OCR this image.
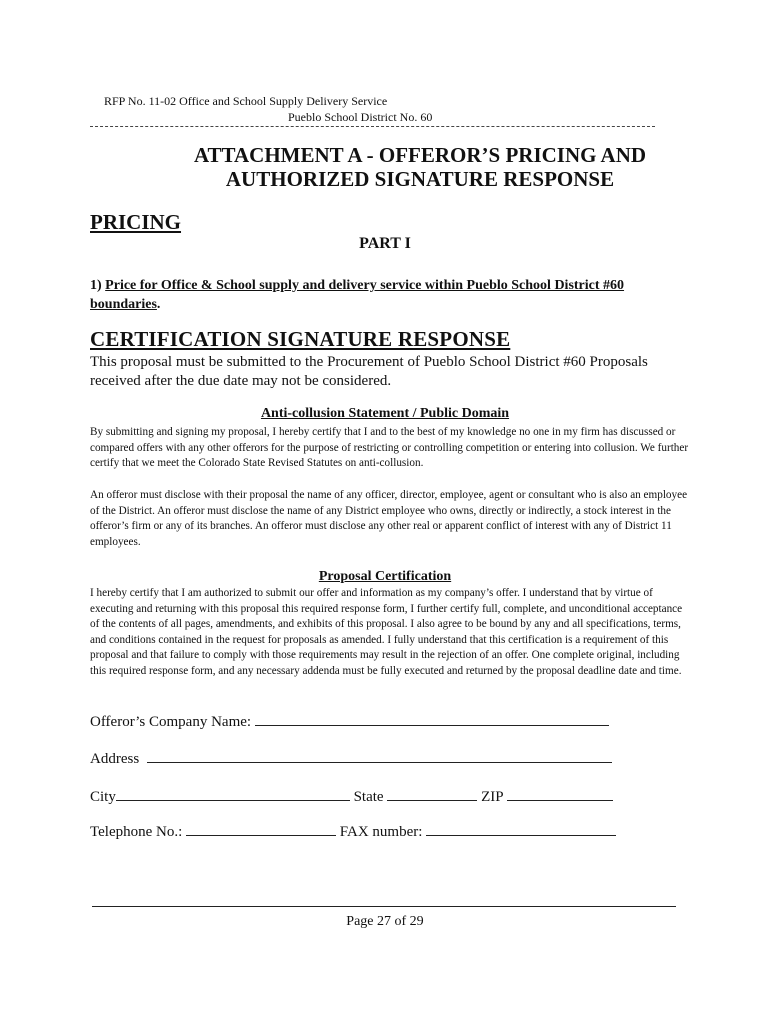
RFP No. 11-02 Office and School Supply Delivery Service
Pueblo School District No. 60
ATTACHMENT A - OFFEROR’S PRICING AND
AUTHORIZED SIGNATURE RESPONSE
PRICING
PART I
1) Price for Office & School supply and delivery service within Pueblo School District #60
boundaries.
CERTIFICATION SIGNATURE RESPONSE
This proposal must be submitted to the Procurement of Pueblo School District #60 Proposals received after the due date may not be considered.
Anti-collusion Statement / Public Domain
By submitting and signing my proposal, I hereby certify that I and to the best of my knowledge no one in my firm has discussed or compared offers with any other offerors for the purpose of restricting or controlling competition or entering into collusion. We further certify that we meet the Colorado State Revised Statutes on anti-collusion.
An offeror must disclose with their proposal the name of any officer, director, employee, agent or consultant who is also an employee of the District. An offeror must disclose the name of any District employee who owns, directly or indirectly, a stock interest in the offeror’s firm or any of its branches. An offeror must disclose any other real or apparent conflict of interest with any of District 11 employees.
Proposal Certification
I hereby certify that I am authorized to submit our offer and information as my company’s offer. I understand that by virtue of executing and returning with this proposal this required response form, I further certify full, complete, and unconditional acceptance of the contents of all pages, amendments, and exhibits of this proposal. I also agree to be bound by any and all specifications, terms, and conditions contained in the request for proposals as amended. I fully understand that this certification is a requirement of this proposal and that failure to comply with those requirements may result in the rejection of an offer. One complete original, including this required response form, and any necessary addenda must be fully executed and returned by the proposal deadline date and time.
Offeror’s Company Name:
Address
City	State	ZIP
Telephone No.:	FAX number:
Page 27 of 29
